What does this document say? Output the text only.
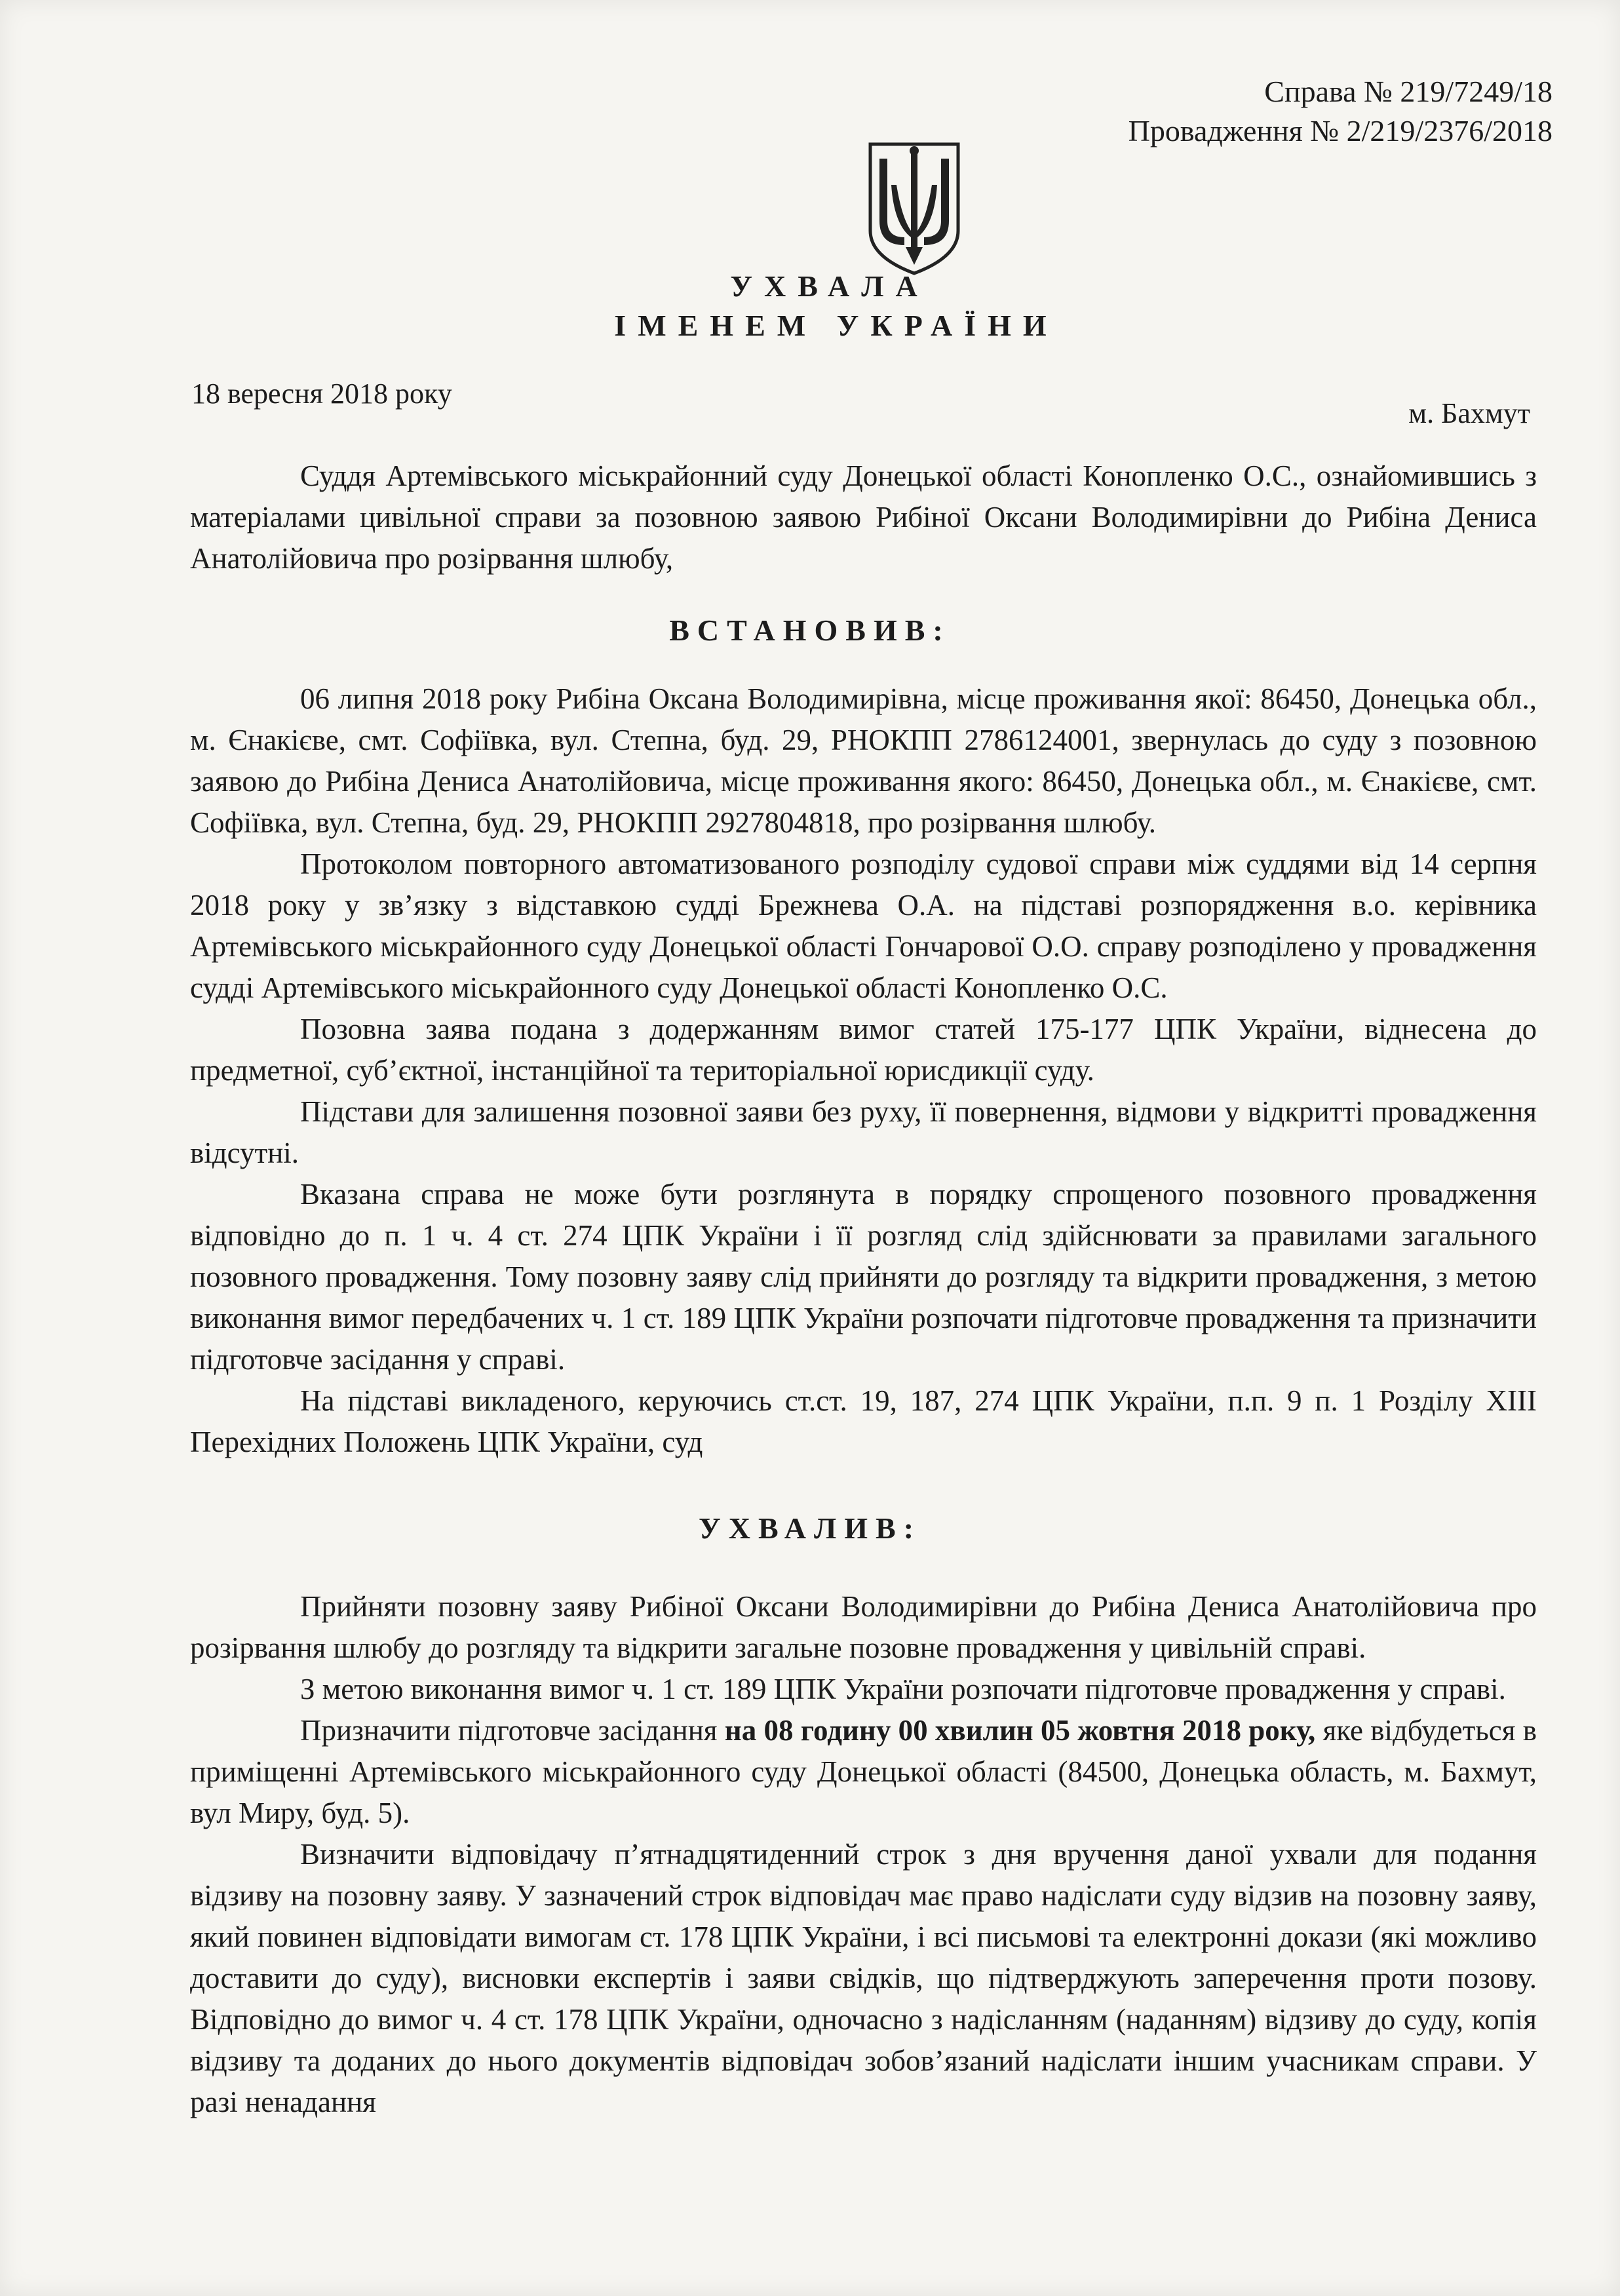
Справа № 219/7249/18
Провадження № 2/219/2376/2018
УХВАЛА
ІМЕНЕМ УКРАЇНИ
18 вересня 2018 року
м. Бахмут

Суддя Артемівського міськрайонний суду Донецької області Конопленко О.С., ознайомившись з матеріалами цивільної справи за позовною заявою Рибіної Оксани Володимирівни до Рибіна Дениса Анатолійовича про розірвання шлюбу,

ВСТАНОВИВ:

06 липня 2018 року Рибіна Оксана Володимирівна, місце проживання якої: 86450, Донецька обл., м. Єнакієве, смт. Софіївка, вул. Степна, буд. 29, РНОКПП 2786124001, звернулась до суду з позовною заявою до Рибіна Дениса Анатолійовича, місце проживання якого: 86450, Донецька обл., м. Єнакієве, смт. Софіївка, вул. Степна, буд. 29, РНОКПП 2927804818, про розірвання шлюбу.

Протоколом повторного автоматизованого розподілу судової справи між суддями від 14 серпня 2018 року у зв’язку з відставкою судді Брежнева О.А. на підставі розпорядження в.о. керівника Артемівського міськрайонного суду Донецької області Гончарової О.О. справу розподілено у провадження судді Артемівського міськрайонного суду Донецької області Конопленко О.С.

Позовна заява подана з додержанням вимог статей 175-177 ЦПК України, віднесена до предметної, суб’єктної, інстанційної та територіальної юрисдикції суду.

Підстави для залишення позовної заяви без руху, її повернення, відмови у відкритті провадження відсутні.

Вказана справа не може бути розглянута в порядку спрощеного позовного провадження відповідно до п. 1 ч. 4 ст. 274 ЦПК України і її розгляд слід здійснювати за правилами загального позовного провадження. Тому позовну заяву слід прийняти до розгляду та відкрити провадження, з метою виконання вимог передбачених ч. 1 ст. 189 ЦПК України розпочати підготовче провадження та призначити підготовче засідання у справі.

На підставі викладеного, керуючись ст.ст. 19, 187, 274 ЦПК України, п.п. 9 п. 1 Розділу XIII Перехідних Положень ЦПК України, суд

УХВАЛИВ:

Прийняти позовну заяву Рибіної Оксани Володимирівни до Рибіна Дениса Анатолійовича про розірвання шлюбу до розгляду та відкрити загальне позовне провадження у цивільній справі.

З метою виконання вимог ч. 1 ст. 189 ЦПК України розпочати підготовче провадження у справі.

Призначити підготовче засідання на 08 годину 00 хвилин 05 жовтня 2018 року, яке відбудеться в приміщенні Артемівського міськрайонного суду Донецької області (84500, Донецька область, м. Бахмут, вул Миру, буд. 5).

Визначити відповідачу п’ятнадцятиденний строк з дня вручення даної ухвали для подання відзиву на позовну заяву. У зазначений строк відповідач має право надіслати суду відзив на позовну заяву, який повинен відповідати вимогам ст. 178 ЦПК України, і всі письмові та електронні докази (які можливо доставити до суду), висновки експертів і заяви свідків, що підтверджують заперечення проти позову. Відповідно до вимог ч. 4 ст. 178 ЦПК України, одночасно з надісланням (наданням) відзиву до суду, копія відзиву та доданих до нього документів відповідач зобов’язаний надіслати іншим учасникам справи. У разі ненадання
